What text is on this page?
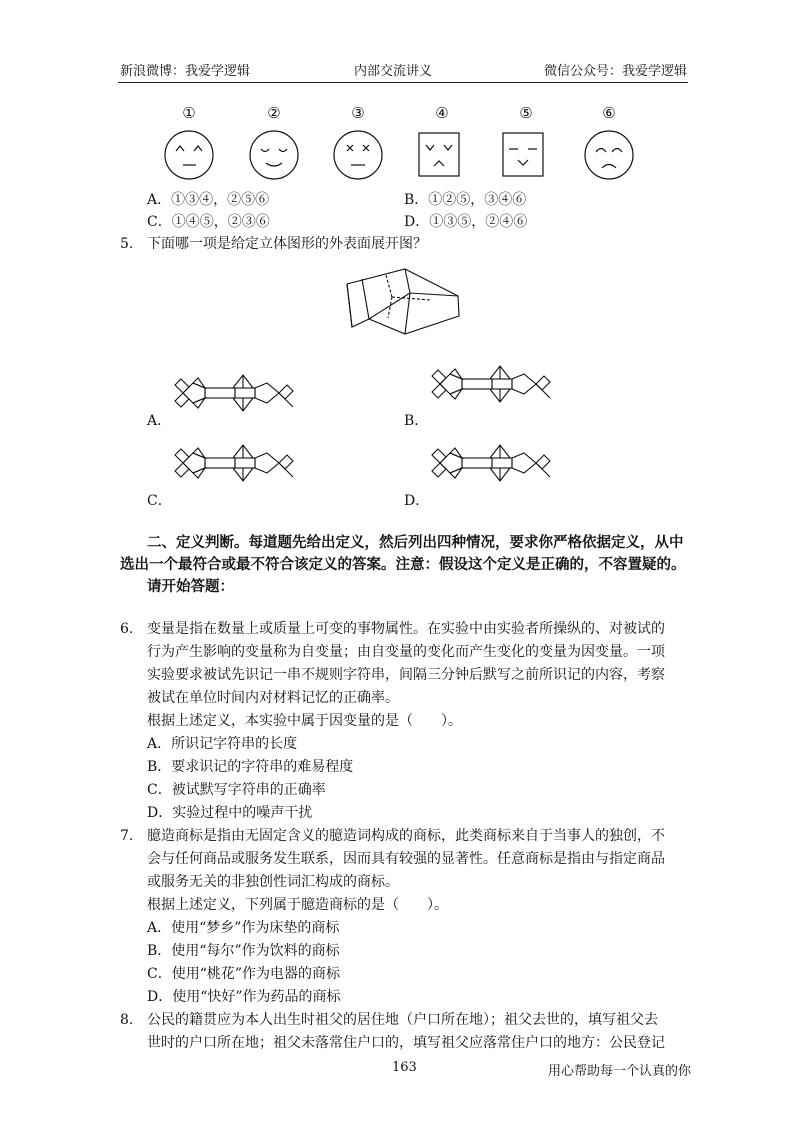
新浪微博：我爱学逻辑	内部交流讲义	微信公众号：我爱学逻辑
①	②	③	④	⑤	⑥
A．①③④，②⑤⑥	B．①②⑤，③④⑥
C．①④⑤，②③⑥	D．①③⑤，②④⑥
5. 下面哪一项是给定立体图形的外表面展开图？
A．	B．
C．	D．
二、定义判断。每道题先给出定义，然后列出四种情况，要求你严格依据定义，从中
选出一个最符合或最不符合该定义的答案。注意：假设这个定义是正确的，不容置疑的。
请开始答题：
6. 变量是指在数量上或质量上可变的事物属性。在实验中由实验者所操纵的、对被试的
行为产生影响的变量称为自变量；由自变量的变化而产生变化的变量为因变量。一项
实验要求被试先识记一串不规则字符串，间隔三分钟后默写之前所识记的内容，考察
被试在单位时间内对材料记忆的正确率。
根据上述定义，本实验中属于因变量的是（　　）。
A．所识记字符串的长度
B．要求识记的字符串的难易程度
C．被试默写字符串的正确率
D．实验过程中的噪声干扰
7. 臆造商标是指由无固定含义的臆造词构成的商标，此类商标来自于当事人的独创，不
会与任何商品或服务发生联系，因而具有较强的显著性。任意商标是指由与指定商品
或服务无关的非独创性词汇构成的商标。
根据上述定义，下列属于臆造商标的是（　　）。
A．使用“梦乡”作为床垫的商标
B．使用“每尔”作为饮料的商标
C．使用“桃花”作为电器的商标
D．使用“快好”作为药品的商标
8. 公民的籍贯应为本人出生时祖父的居住地（户口所在地）；祖父去世的，填写祖父去
世时的户口所在地；祖父未落常住户口的，填写祖父应落常住户口的地方：公民登记
163	用心帮助每一个认真的你
